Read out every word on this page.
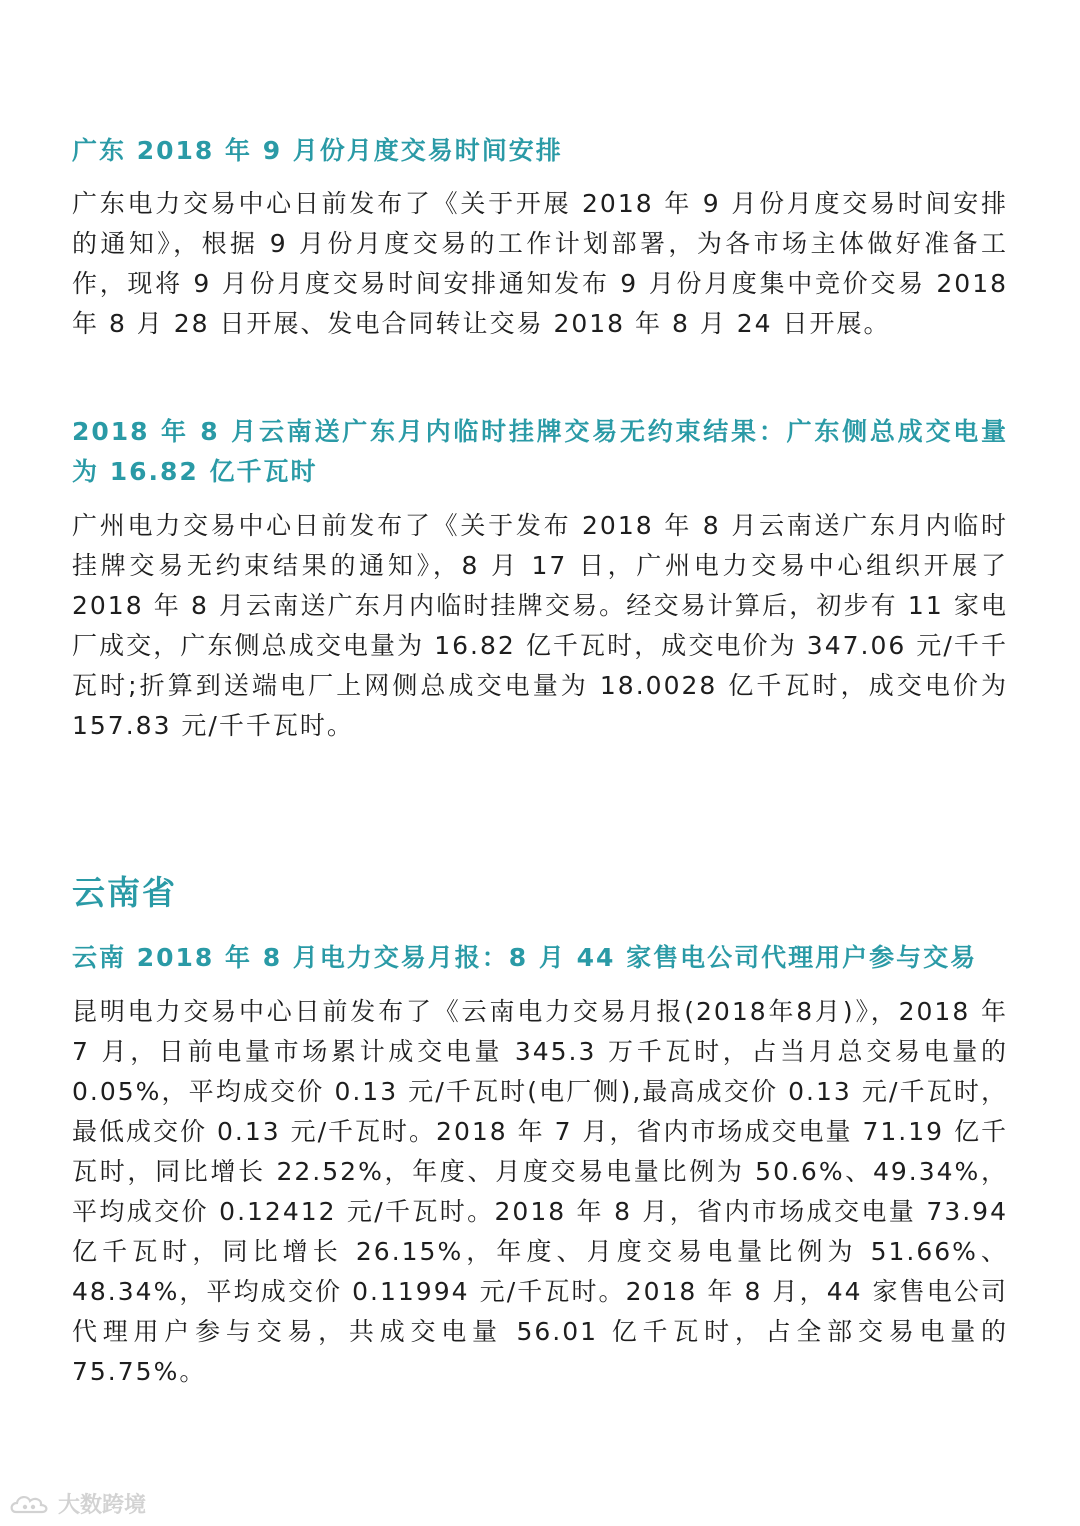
广东 2018 年 9 月份月度交易时间安排

广东电力交易中心日前发布了《关于开展 2018 年 9 月份月度交易时间安排的通知》，根据 9 月份月度交易的工作计划部署，为各市场主体做好准备工作，现将 9 月份月度交易时间安排通知发布 9 月份月度集中竞价交易 2018 年 8 月 28 日开展、发电合同转让交易 2018 年 8 月 24 日开展。

2018 年 8 月云南送广东月内临时挂牌交易无约束结果：广东侧总成交电量为 16.82 亿千瓦时

广州电力交易中心日前发布了《关于发布 2018 年 8 月云南送广东月内临时挂牌交易无约束结果的通知》，8 月 17 日，广州电力交易中心组织开展了 2018 年 8 月云南送广东月内临时挂牌交易。经交易计算后，初步有 11 家电厂成交，广东侧总成交电量为 16.82 亿千瓦时，成交电价为 347.06 元/千千瓦时;折算到送端电厂上网侧总成交电量为 18.0028 亿千瓦时，成交电价为 157.83 元/千千瓦时。

云南省
云南 2018 年 8 月电力交易月报：8 月 44 家售电公司代理用户参与交易

昆明电力交易中心日前发布了《云南电力交易月报(2018年8月)》，2018 年 7 月，日前电量市场累计成交电量 345.3 万千瓦时，占当月总交易电量的 0.05%，平均成交价 0.13 元/千瓦时(电厂侧),最高成交价 0.13 元/千瓦时，最低成交价 0.13 元/千瓦时。2018 年 7 月，省内市场成交电量 71.19 亿千瓦时，同比增长 22.52%，年度、月度交易电量比例为 50.6%、49.34%，平均成交价 0.12412 元/千瓦时。2018 年 8 月，省内市场成交电量 73.94 亿千瓦时，同比增长 26.15%，年度、月度交易电量比例为 51.66%、48.34%，平均成交价 0.11994 元/千瓦时。2018 年 8 月，44 家售电公司代理用户参与交易，共成交电量 56.01 亿千瓦时，占全部交易电量的 75.75%。

大数跨境
